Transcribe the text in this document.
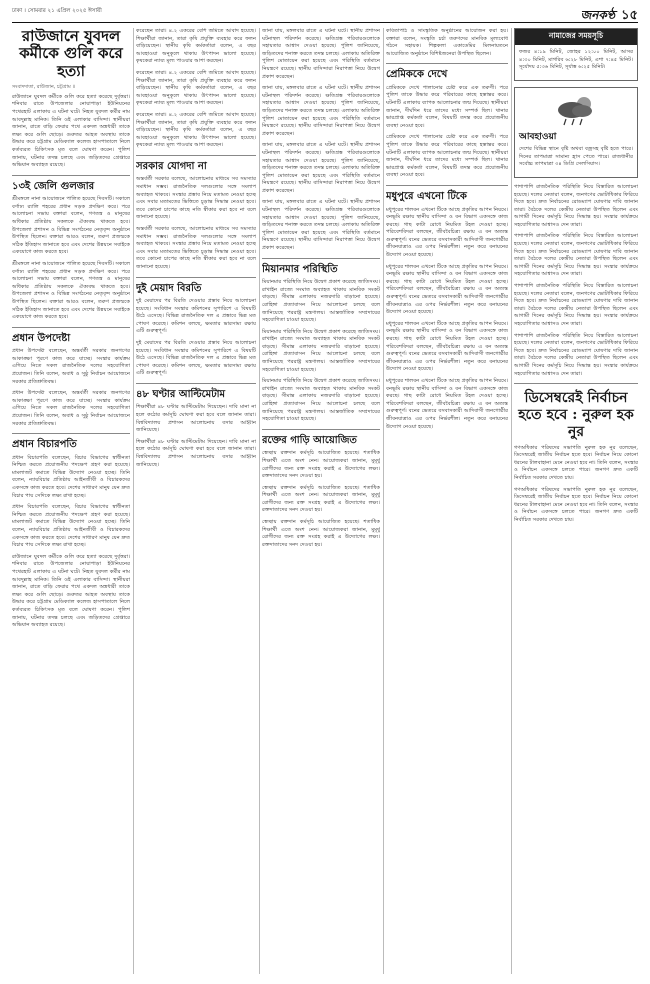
ঢাকা । সোমবার ২১ এপ্রিল ২০২৫ ঈসায়ী	জনকণ্ঠ ১৫
রাউজানে যুবদল কর্মীকে গুলি করে হত্যা
সংবাদদাতা, রাউজান, চট্টগ্রাম ॥

রাউজানে যুবদল কর্মীকে গুলি করে হত্যা করেছে দুর্বৃত্তরা। শনিবার রাতে উপজেলার নোয়াপাড়া ইউনিয়নের পথেরহাট এলাকায় এ ঘটনা ঘটে। নিহত যুবদল কর্মীর নাম আবদুল্লাহ মানিক। তিনি ওই এলাকার বাসিন্দা। স্থানীয়রা জানান, রাতে বাড়ি ফেরার পথে একদল অস্ত্রধারী তাকে লক্ষ্য করে গুলি ছোড়ে। গুরুতর আহত অবস্থায় তাকে উদ্ধার করে চট্টগ্রাম মেডিক্যাল কলেজ হাসপাতালে নিলে কর্তব্যরত চিকিৎসক মৃত বলে ঘোষণা করেন। পুলিশ জানায়, ঘটনার তদন্ত চলছে এবং জড়িতদের গ্রেপ্তারে অভিযান অব্যাহত রয়েছে।

১৩ই জেলি গুলজার

শ্রীমঙ্গলে নানা আয়োজনে পালিত হয়েছে দিবসটি। সকালে বর্ণাঢ্য র‍্যালি শহরের প্রধান সড়ক প্রদক্ষিণ করে। পরে আলোচনা সভায় বক্তারা বলেন, গণতন্ত্র ও মানুষের অধিকার প্রতিষ্ঠায় সকলকে ঐক্যবদ্ধ থাকতে হবে। উপজেলা প্রশাসন ও বিভিন্ন সংগঠনের নেতৃবৃন্দ অনুষ্ঠানে উপস্থিত ছিলেন। বক্তারা আরও বলেন, তরুণ প্রজন্মকে সঠিক ইতিহাস জানাতে হবে এবং দেশের উন্নয়নে সবাইকে একযোগে কাজ করতে হবে।

শ্রীমঙ্গলে নানা আয়োজনে পালিত হয়েছে দিবসটি। সকালে বর্ণাঢ্য র‍্যালি শহরের প্রধান সড়ক প্রদক্ষিণ করে। পরে আলোচনা সভায় বক্তারা বলেন, গণতন্ত্র ও মানুষের অধিকার প্রতিষ্ঠায় সকলকে ঐক্যবদ্ধ থাকতে হবে। উপজেলা প্রশাসন ও বিভিন্ন সংগঠনের নেতৃবৃন্দ অনুষ্ঠানে উপস্থিত ছিলেন। বক্তারা আরও বলেন, তরুণ প্রজন্মকে সঠিক ইতিহাস জানাতে হবে এবং দেশের উন্নয়নে সবাইকে একযোগে কাজ করতে হবে।

প্রধান উপদেষ্টা

প্রধান উপদেষ্টা বলেছেন, অন্তর্বর্তী সরকার জনগণের আকাঙ্ক্ষা পূরণে কাজ করে যাচ্ছে। সংস্কার কার্যক্রম এগিয়ে নিতে সকল রাজনৈতিক দলের সহযোগিতা প্রয়োজন। তিনি বলেন, অবাধ ও সুষ্ঠু নির্বাচন আয়োজনে সরকার প্রতিশ্রুতিবদ্ধ।

প্রধান উপদেষ্টা বলেছেন, অন্তর্বর্তী সরকার জনগণের আকাঙ্ক্ষা পূরণে কাজ করে যাচ্ছে। সংস্কার কার্যক্রম এগিয়ে নিতে সকল রাজনৈতিক দলের সহযোগিতা প্রয়োজন। তিনি বলেন, অবাধ ও সুষ্ঠু নির্বাচন আয়োজনে সরকার প্রতিশ্রুতিবদ্ধ।

প্রধান বিচারপতি

প্রধান বিচারপতি বলেছেন, বিচার বিভাগের স্বাধীনতা নিশ্চিত করতে প্রয়োজনীয় পদক্ষেপ গ্রহণ করা হয়েছে। মামলাজট কমাতে বিভিন্ন উদ্যোগ নেওয়া হচ্ছে। তিনি বলেন, ন্যায়বিচার প্রতিষ্ঠায় আইনজীবী ও বিচারকদের একসঙ্গে কাজ করতে হবে। দেশের সাধারণ মানুষ যেন দ্রুত বিচার পায় সেদিকে লক্ষ্য রাখা হচ্ছে।

প্রধান বিচারপতি বলেছেন, বিচার বিভাগের স্বাধীনতা নিশ্চিত করতে প্রয়োজনীয় পদক্ষেপ গ্রহণ করা হয়েছে। মামলাজট কমাতে বিভিন্ন উদ্যোগ নেওয়া হচ্ছে। তিনি বলেন, ন্যায়বিচার প্রতিষ্ঠায় আইনজীবী ও বিচারকদের একসঙ্গে কাজ করতে হবে। দেশের সাধারণ মানুষ যেন দ্রুত বিচার পায় সেদিকে লক্ষ্য রাখা হচ্ছে।

রাউজানে যুবদল কর্মীকে গুলি করে হত্যা করেছে দুর্বৃত্তরা। শনিবার রাতে উপজেলার নোয়াপাড়া ইউনিয়নের পথেরহাট এলাকায় এ ঘটনা ঘটে। নিহত যুবদল কর্মীর নাম আবদুল্লাহ মানিক। তিনি ওই এলাকার বাসিন্দা। স্থানীয়রা জানান, রাতে বাড়ি ফেরার পথে একদল অস্ত্রধারী তাকে লক্ষ্য করে গুলি ছোড়ে। গুরুতর আহত অবস্থায় তাকে উদ্ধার করে চট্টগ্রাম মেডিক্যাল কলেজ হাসপাতালে নিলে কর্তব্যরত চিকিৎসক মৃত বলে ঘোষণা করেন। পুলিশ জানায়, ঘটনার তদন্ত চলছে এবং জড়িতদের গ্রেপ্তারে অভিযান অব্যাহত রয়েছে।

করেছেন তারা। ৪.২ একরের বেশি জমিতে আবাদ হয়েছে। শিক্ষার্থীরা জানান, তারা কৃষি প্রযুক্তি ব্যবহার করে ফলন বাড়িয়েছেন। স্থানীয় কৃষি কর্মকর্তারা বলেন, এ বছর আবহাওয়া অনুকূলে থাকায় উৎপাদন ভালো হয়েছে। কৃষকেরা ন্যায্য মূল্য পাওয়ার আশা করছেন।

করেছেন তারা। ৪.২ একরের বেশি জমিতে আবাদ হয়েছে। শিক্ষার্থীরা জানান, তারা কৃষি প্রযুক্তি ব্যবহার করে ফলন বাড়িয়েছেন। স্থানীয় কৃষি কর্মকর্তারা বলেন, এ বছর আবহাওয়া অনুকূলে থাকায় উৎপাদন ভালো হয়েছে। কৃষকেরা ন্যায্য মূল্য পাওয়ার আশা করছেন।

করেছেন তারা। ৪.২ একরের বেশি জমিতে আবাদ হয়েছে। শিক্ষার্থীরা জানান, তারা কৃষি প্রযুক্তি ব্যবহার করে ফলন বাড়িয়েছেন। স্থানীয় কৃষি কর্মকর্তারা বলেন, এ বছর আবহাওয়া অনুকূলে থাকায় উৎপাদন ভালো হয়েছে। কৃষকেরা ন্যায্য মূল্য পাওয়ার আশা করছেন।

সরকার যোগদা না

অন্তর্বর্তী সরকার বলেছে, আলোচনার মাধ্যমে সব সমস্যার সমাধান সম্ভব। রাজনৈতিক দলগুলোর সঙ্গে সংলাপ অব্যাহত থাকবে। সংস্কার প্রস্তাব নিয়ে মতামত নেওয়া হচ্ছে এবং সবার মতামতের ভিত্তিতে চূড়ান্ত সিদ্ধান্ত নেওয়া হবে। তবে কোনো চাপের কাছে নতি স্বীকার করা হবে না বলে জানানো হয়েছে।

অন্তর্বর্তী সরকার বলেছে, আলোচনার মাধ্যমে সব সমস্যার সমাধান সম্ভব। রাজনৈতিক দলগুলোর সঙ্গে সংলাপ অব্যাহত থাকবে। সংস্কার প্রস্তাব নিয়ে মতামত নেওয়া হচ্ছে এবং সবার মতামতের ভিত্তিতে চূড়ান্ত সিদ্ধান্ত নেওয়া হবে। তবে কোনো চাপের কাছে নতি স্বীকার করা হবে না বলে জানানো হয়েছে।

দুই মেয়াদ বিরতি

দুই মেয়াদের পর বিরতি দেওয়ার প্রস্তাব নিয়ে আলোচনা হয়েছে। সংবিধান সংস্কার কমিশনের সুপারিশে এ বিষয়টি উঠে এসেছে। বিভিন্ন রাজনৈতিক দল এ প্রস্তাবে ভিন্ন মত পোষণ করেছে। কমিশন বলছে, ক্ষমতার ভারসাম্য রক্ষায় এটি গুরুত্বপূর্ণ।

দুই মেয়াদের পর বিরতি দেওয়ার প্রস্তাব নিয়ে আলোচনা হয়েছে। সংবিধান সংস্কার কমিশনের সুপারিশে এ বিষয়টি উঠে এসেছে। বিভিন্ন রাজনৈতিক দল এ প্রস্তাবে ভিন্ন মত পোষণ করেছে। কমিশন বলছে, ক্ষমতার ভারসাম্য রক্ষায় এটি গুরুত্বপূর্ণ।

৪৮ ঘণ্টার আল্টিমেটাম

শিক্ষার্থীরা ৪৮ ঘণ্টার আল্টিমেটাম দিয়েছেন। দাবি মানা না হলে কঠোর কর্মসূচি ঘোষণা করা হবে বলে জানান তারা। বিশ্ববিদ্যালয় প্রশাসন আলোচনায় বসার আহ্বান জানিয়েছে।

শিক্ষার্থীরা ৪৮ ঘণ্টার আল্টিমেটাম দিয়েছেন। দাবি মানা না হলে কঠোর কর্মসূচি ঘোষণা করা হবে বলে জানান তারা। বিশ্ববিদ্যালয় প্রশাসন আলোচনায় বসার আহ্বান জানিয়েছে।

জানা যায়, মঙ্গলবার রাতে এ ঘটনা ঘটে। স্থানীয় প্রশাসন ঘটনাস্থল পরিদর্শন করেছে। ক্ষতিগ্রস্ত পরিবারগুলোকে সহায়তার আশ্বাস দেওয়া হয়েছে। পুলিশ জানিয়েছে, জড়িতদের শনাক্ত করতে তদন্ত চলছে। এলাকায় অতিরিক্ত পুলিশ মোতায়েন করা হয়েছে এবং পরিস্থিতি বর্তমানে নিয়ন্ত্রণে রয়েছে। স্থানীয় বাসিন্দারা নিরাপত্তা নিয়ে উদ্বেগ প্রকাশ করেছেন।

জানা যায়, মঙ্গলবার রাতে এ ঘটনা ঘটে। স্থানীয় প্রশাসন ঘটনাস্থল পরিদর্শন করেছে। ক্ষতিগ্রস্ত পরিবারগুলোকে সহায়তার আশ্বাস দেওয়া হয়েছে। পুলিশ জানিয়েছে, জড়িতদের শনাক্ত করতে তদন্ত চলছে। এলাকায় অতিরিক্ত পুলিশ মোতায়েন করা হয়েছে এবং পরিস্থিতি বর্তমানে নিয়ন্ত্রণে রয়েছে। স্থানীয় বাসিন্দারা নিরাপত্তা নিয়ে উদ্বেগ প্রকাশ করেছেন।

জানা যায়, মঙ্গলবার রাতে এ ঘটনা ঘটে। স্থানীয় প্রশাসন ঘটনাস্থল পরিদর্শন করেছে। ক্ষতিগ্রস্ত পরিবারগুলোকে সহায়তার আশ্বাস দেওয়া হয়েছে। পুলিশ জানিয়েছে, জড়িতদের শনাক্ত করতে তদন্ত চলছে। এলাকায় অতিরিক্ত পুলিশ মোতায়েন করা হয়েছে এবং পরিস্থিতি বর্তমানে নিয়ন্ত্রণে রয়েছে। স্থানীয় বাসিন্দারা নিরাপত্তা নিয়ে উদ্বেগ প্রকাশ করেছেন।

জানা যায়, মঙ্গলবার রাতে এ ঘটনা ঘটে। স্থানীয় প্রশাসন ঘটনাস্থল পরিদর্শন করেছে। ক্ষতিগ্রস্ত পরিবারগুলোকে সহায়তার আশ্বাস দেওয়া হয়েছে। পুলিশ জানিয়েছে, জড়িতদের শনাক্ত করতে তদন্ত চলছে। এলাকায় অতিরিক্ত পুলিশ মোতায়েন করা হয়েছে এবং পরিস্থিতি বর্তমানে নিয়ন্ত্রণে রয়েছে। স্থানীয় বাসিন্দারা নিরাপত্তা নিয়ে উদ্বেগ প্রকাশ করেছেন।

মিয়ানমার পরিস্থিতি

মিয়ানমার পরিস্থিতি নিয়ে উদ্বেগ প্রকাশ করেছে জাতিসংঘ। রাখাইন রাজ্যে সংঘাত অব্যাহত থাকায় মানবিক সংকট বাড়ছে। সীমান্ত এলাকায় নজরদারি বাড়ানো হয়েছে। রোহিঙ্গা প্রত্যাবাসন নিয়ে আলোচনা চলছে বলে জানিয়েছে পররাষ্ট্র মন্ত্রণালয়। আন্তর্জাতিক সম্প্রদায়ের সহযোগিতা চাওয়া হয়েছে।

মিয়ানমার পরিস্থিতি নিয়ে উদ্বেগ প্রকাশ করেছে জাতিসংঘ। রাখাইন রাজ্যে সংঘাত অব্যাহত থাকায় মানবিক সংকট বাড়ছে। সীমান্ত এলাকায় নজরদারি বাড়ানো হয়েছে। রোহিঙ্গা প্রত্যাবাসন নিয়ে আলোচনা চলছে বলে জানিয়েছে পররাষ্ট্র মন্ত্রণালয়। আন্তর্জাতিক সম্প্রদায়ের সহযোগিতা চাওয়া হয়েছে।

মিয়ানমার পরিস্থিতি নিয়ে উদ্বেগ প্রকাশ করেছে জাতিসংঘ। রাখাইন রাজ্যে সংঘাত অব্যাহত থাকায় মানবিক সংকট বাড়ছে। সীমান্ত এলাকায় নজরদারি বাড়ানো হয়েছে। রোহিঙ্গা প্রত্যাবাসন নিয়ে আলোচনা চলছে বলে জানিয়েছে পররাষ্ট্র মন্ত্রণালয়। আন্তর্জাতিক সম্প্রদায়ের সহযোগিতা চাওয়া হয়েছে।

রক্তের গাড়ি আয়োজিত

স্বেচ্ছায় রক্তদান কর্মসূচি আয়োজিত হয়েছে। শতাধিক শিক্ষার্থী এতে অংশ নেন। আয়োজকরা জানান, মুমূর্ষু রোগীদের জন্য রক্ত সংগ্রহ করাই এ উদ্যোগের লক্ষ্য। রক্তদাতাদের সনদ দেওয়া হয়।

স্বেচ্ছায় রক্তদান কর্মসূচি আয়োজিত হয়েছে। শতাধিক শিক্ষার্থী এতে অংশ নেন। আয়োজকরা জানান, মুমূর্ষু রোগীদের জন্য রক্ত সংগ্রহ করাই এ উদ্যোগের লক্ষ্য। রক্তদাতাদের সনদ দেওয়া হয়।

স্বেচ্ছায় রক্তদান কর্মসূচি আয়োজিত হয়েছে। শতাধিক শিক্ষার্থী এতে অংশ নেন। আয়োজকরা জানান, মুমূর্ষু রোগীদের জন্য রক্ত সংগ্রহ করাই এ উদ্যোগের লক্ষ্য। রক্তদাতাদের সনদ দেওয়া হয়।

কবিতাপাঠ ও সাংস্কৃতিক অনুষ্ঠানের আয়োজন করা হয়। বক্তারা বলেন, সংস্কৃতি চর্চা তরুণদের মানবিক মূল্যবোধ গঠনে সহায়ক। শিল্পকলা একাডেমির মিলনায়তনে আয়োজিত অনুষ্ঠানে বিশিষ্টজনেরা উপস্থিত ছিলেন।

প্রেমিককে দেখে

প্রেমিককে দেখে পালানোর চেষ্টা করে এক তরুণী। পরে পুলিশ তাকে উদ্ধার করে পরিবারের কাছে হস্তান্তর করে। ঘটনাটি এলাকায় ব্যাপক আলোচনার জন্ম দিয়েছে। স্থানীয়রা জানান, দীর্ঘদিন ধরে তাদের মধ্যে সম্পর্ক ছিল। থানার ভারপ্রাপ্ত কর্মকর্তা বলেন, বিষয়টি তদন্ত করে প্রয়োজনীয় ব্যবস্থা নেওয়া হবে।

প্রেমিককে দেখে পালানোর চেষ্টা করে এক তরুণী। পরে পুলিশ তাকে উদ্ধার করে পরিবারের কাছে হস্তান্তর করে। ঘটনাটি এলাকায় ব্যাপক আলোচনার জন্ম দিয়েছে। স্থানীয়রা জানান, দীর্ঘদিন ধরে তাদের মধ্যে সম্পর্ক ছিল। থানার ভারপ্রাপ্ত কর্মকর্তা বলেন, বিষয়টি তদন্ত করে প্রয়োজনীয় ব্যবস্থা নেওয়া হবে।

মধুপুরে এখনো টিকে

মধুপুরের শালবন এখনো টিকে আছে প্রকৃতির আপন নিয়মে। বনভূমি রক্ষায় স্থানীয় বাসিন্দা ও বন বিভাগ একসঙ্গে কাজ করছে। গাছ কাটা রোধে নিয়মিত টহল দেওয়া হচ্ছে। পরিবেশবিদরা বলছেন, জীববৈচিত্র্য রক্ষায় এ বন অত্যন্ত গুরুত্বপূর্ণ। বনের ভেতরে বসবাসকারী আদিবাসী জনগোষ্ঠীর জীবনযাত্রাও এর ওপর নির্ভরশীল। নতুন করে বনায়নের উদ্যোগ নেওয়া হয়েছে।

মধুপুরের শালবন এখনো টিকে আছে প্রকৃতির আপন নিয়মে। বনভূমি রক্ষায় স্থানীয় বাসিন্দা ও বন বিভাগ একসঙ্গে কাজ করছে। গাছ কাটা রোধে নিয়মিত টহল দেওয়া হচ্ছে। পরিবেশবিদরা বলছেন, জীববৈচিত্র্য রক্ষায় এ বন অত্যন্ত গুরুত্বপূর্ণ। বনের ভেতরে বসবাসকারী আদিবাসী জনগোষ্ঠীর জীবনযাত্রাও এর ওপর নির্ভরশীল। নতুন করে বনায়নের উদ্যোগ নেওয়া হয়েছে।

মধুপুরের শালবন এখনো টিকে আছে প্রকৃতির আপন নিয়মে। বনভূমি রক্ষায় স্থানীয় বাসিন্দা ও বন বিভাগ একসঙ্গে কাজ করছে। গাছ কাটা রোধে নিয়মিত টহল দেওয়া হচ্ছে। পরিবেশবিদরা বলছেন, জীববৈচিত্র্য রক্ষায় এ বন অত্যন্ত গুরুত্বপূর্ণ। বনের ভেতরে বসবাসকারী আদিবাসী জনগোষ্ঠীর জীবনযাত্রাও এর ওপর নির্ভরশীল। নতুন করে বনায়নের উদ্যোগ নেওয়া হয়েছে।

মধুপুরের শালবন এখনো টিকে আছে প্রকৃতির আপন নিয়মে। বনভূমি রক্ষায় স্থানীয় বাসিন্দা ও বন বিভাগ একসঙ্গে কাজ করছে। গাছ কাটা রোধে নিয়মিত টহল দেওয়া হচ্ছে। পরিবেশবিদরা বলছেন, জীববৈচিত্র্য রক্ষায় এ বন অত্যন্ত গুরুত্বপূর্ণ। বনের ভেতরে বসবাসকারী আদিবাসী জনগোষ্ঠীর জীবনযাত্রাও এর ওপর নির্ভরশীল। নতুন করে বনায়নের উদ্যোগ নেওয়া হয়েছে।

নামাজের সময়সূচি

ফজর ৪:১৯ মিনিট, জোহর ১২:০০ মিনিট, আসর ৪:৩০ মিনিট, মাগরিব ৬:২৮ মিনিট, এশা ৭:৪৫ মিনিট। সূর্যোদয় ৫:৩৬ মিনিট, সূর্যাস্ত ৬:২৫ মিনিট।

আবহাওয়া

দেশের বিভিন্ন স্থানে বৃষ্টি অথবা বজ্রসহ বৃষ্টি হতে পারে। দিনের তাপমাত্রা সামান্য হ্রাস পেতে পারে। রাজধানীর সর্বোচ্চ তাপমাত্রা ৩৪ ডিগ্রি সেলসিয়াস।

পাশাপাশি রাজনৈতিক পরিস্থিতি নিয়ে বিস্তারিত আলোচনা হয়েছে। দলের নেতারা বলেন, জনগণের ভোটাধিকার ফিরিয়ে দিতে হবে। দ্রুত নির্বাচনের রোডম্যাপ ঘোষণার দাবি জানান তারা। বৈঠকে দলের কেন্দ্রীয় নেতারা উপস্থিত ছিলেন এবং আগামী দিনের কর্মসূচি নিয়ে সিদ্ধান্ত হয়। সংস্কার কার্যক্রমে সহযোগিতার আশ্বাসও দেন তারা।

পাশাপাশি রাজনৈতিক পরিস্থিতি নিয়ে বিস্তারিত আলোচনা হয়েছে। দলের নেতারা বলেন, জনগণের ভোটাধিকার ফিরিয়ে দিতে হবে। দ্রুত নির্বাচনের রোডম্যাপ ঘোষণার দাবি জানান তারা। বৈঠকে দলের কেন্দ্রীয় নেতারা উপস্থিত ছিলেন এবং আগামী দিনের কর্মসূচি নিয়ে সিদ্ধান্ত হয়। সংস্কার কার্যক্রমে সহযোগিতার আশ্বাসও দেন তারা।

পাশাপাশি রাজনৈতিক পরিস্থিতি নিয়ে বিস্তারিত আলোচনা হয়েছে। দলের নেতারা বলেন, জনগণের ভোটাধিকার ফিরিয়ে দিতে হবে। দ্রুত নির্বাচনের রোডম্যাপ ঘোষণার দাবি জানান তারা। বৈঠকে দলের কেন্দ্রীয় নেতারা উপস্থিত ছিলেন এবং আগামী দিনের কর্মসূচি নিয়ে সিদ্ধান্ত হয়। সংস্কার কার্যক্রমে সহযোগিতার আশ্বাসও দেন তারা।

পাশাপাশি রাজনৈতিক পরিস্থিতি নিয়ে বিস্তারিত আলোচনা হয়েছে। দলের নেতারা বলেন, জনগণের ভোটাধিকার ফিরিয়ে দিতে হবে। দ্রুত নির্বাচনের রোডম্যাপ ঘোষণার দাবি জানান তারা। বৈঠকে দলের কেন্দ্রীয় নেতারা উপস্থিত ছিলেন এবং আগামী দিনের কর্মসূচি নিয়ে সিদ্ধান্ত হয়। সংস্কার কার্যক্রমে সহযোগিতার আশ্বাসও দেন তারা।

ডিসেম্বরেই নির্বাচন হতে হবে : নুরুল হক নুর

গণঅধিকার পরিষদের সভাপতি নুরুল হক নুর বলেছেন, ডিসেম্বরেই জাতীয় নির্বাচন হতে হবে। নির্বাচন নিয়ে কোনো ধরনের টালবাহানা মেনে নেওয়া হবে না। তিনি বলেন, সংস্কার ও নির্বাচন একসঙ্গে চলতে পারে। জনগণ দ্রুত একটি নির্বাচিত সরকার দেখতে চায়।

গণঅধিকার পরিষদের সভাপতি নুরুল হক নুর বলেছেন, ডিসেম্বরেই জাতীয় নির্বাচন হতে হবে। নির্বাচন নিয়ে কোনো ধরনের টালবাহানা মেনে নেওয়া হবে না। তিনি বলেন, সংস্কার ও নির্বাচন একসঙ্গে চলতে পারে। জনগণ দ্রুত একটি নির্বাচিত সরকার দেখতে চায়।
